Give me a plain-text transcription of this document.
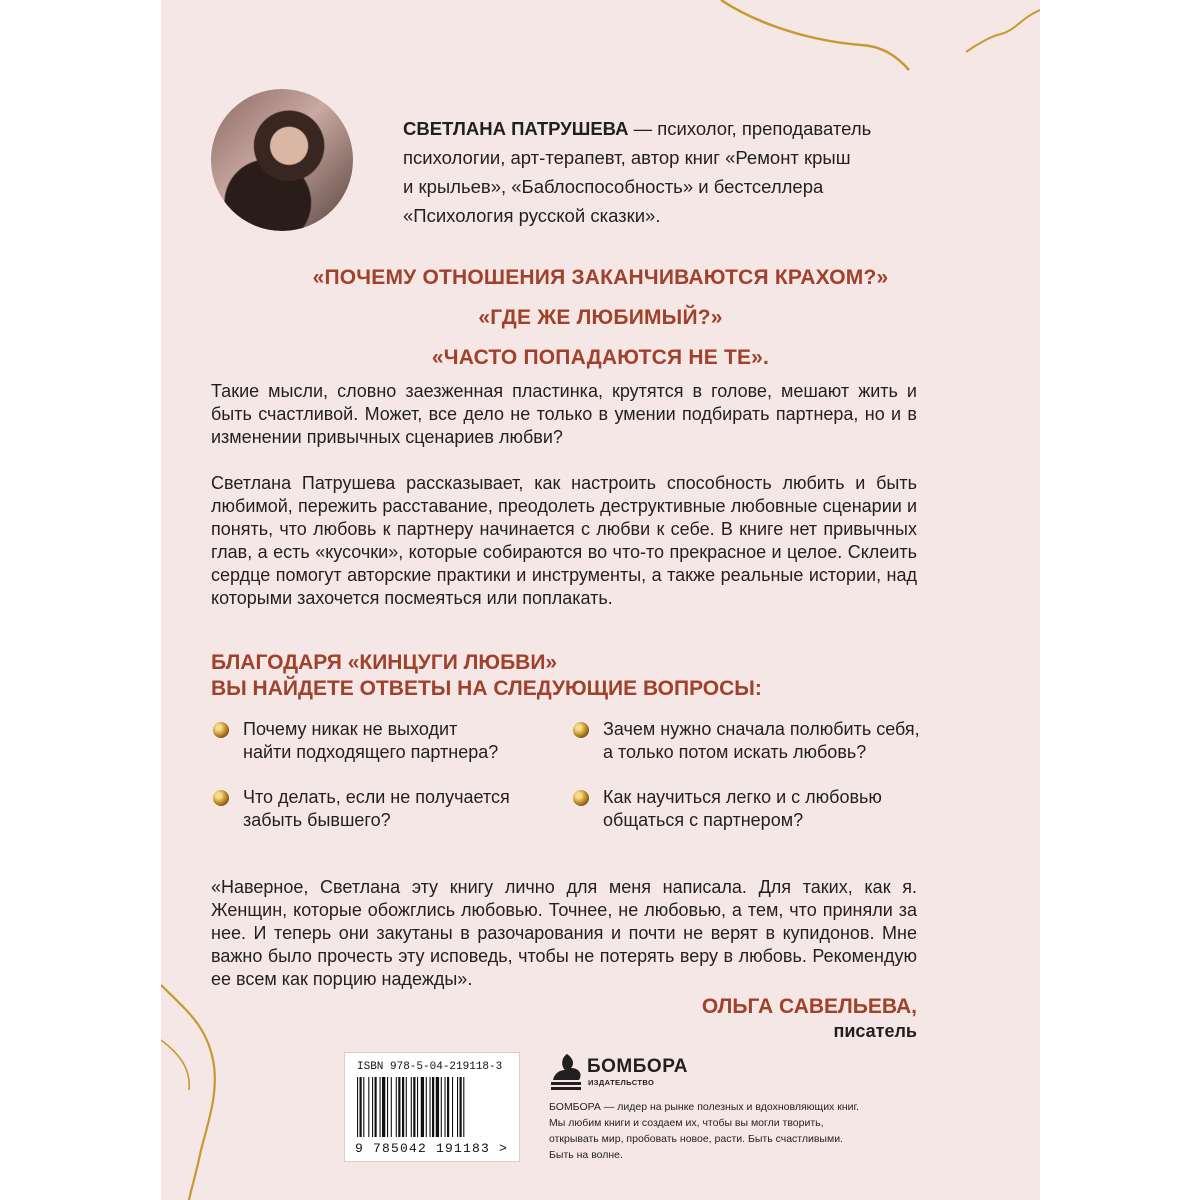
СВЕТЛАНА ПАТРУШЕВА — психолог, преподаватель
психологии, арт-терапевт, автор книг «Ремонт крыш
и крыльев», «Баблоспособность» и бестселлера
«Психология русской сказки».
«ПОЧЕМУ ОТНОШЕНИЯ ЗАКАНЧИВАЮТСЯ КРАХОМ?»
«ГДЕ ЖЕ ЛЮБИМЫЙ?»
«ЧАСТО ПОПАДАЮТСЯ НЕ ТЕ».
Такие мысли, словно заезженная пластинка, крутятся в голове, мешают жить и быть счастливой. Может, все дело не только в умении подбирать партнера, но и в изменении привычных сценариев любви?
Светлана Патрушева рассказывает, как настроить способность любить и быть любимой, пережить расставание, преодолеть деструктивные любовные сценарии и понять, что любовь к партнеру начинается с любви к себе. В книге нет привычных глав, а есть «кусочки», которые собираются во что-то прекрасное и целое. Склеить сердце помогут авторские практики и инструменты, а также реальные истории, над которыми захочется посмеяться или поплакать.
БЛАГОДАРЯ «КИНЦУГИ ЛЮБВИ»
ВЫ НАЙДЕТЕ ОТВЕТЫ НА СЛЕДУЮЩИЕ ВОПРОСЫ:
Почему никак не выходит
найти подходящего партнера?
Зачем нужно сначала полюбить себя,
а только потом искать любовь?
Что делать, если не получается
забыть бывшего?
Как научиться легко и с любовью
общаться с партнером?
«Наверное, Светлана эту книгу лично для меня написала. Для таких, как я. Женщин, которые обожглись любовью. Точнее, не любовью, а тем, что приняли за нее. И теперь они закутаны в разочарования и почти не верят в купидонов. Мне важно было прочесть эту исповедь, чтобы не потерять веру в любовь. Рекомендую ее всем как порцию надежды».
ОЛЬГА САВЕЛЬЕВА,
писатель
ISBN 978-5-04-219118-3
9 785042 191183 >
БОМБОРА
ИЗДАТЕЛЬСТВО
БОМБОРА — лидер на рынке полезных и вдохновляющих книг. Мы любим книги и создаем их, чтобы вы могли творить, открывать мир, пробовать новое, расти. Быть счастливыми. Быть на волне.
